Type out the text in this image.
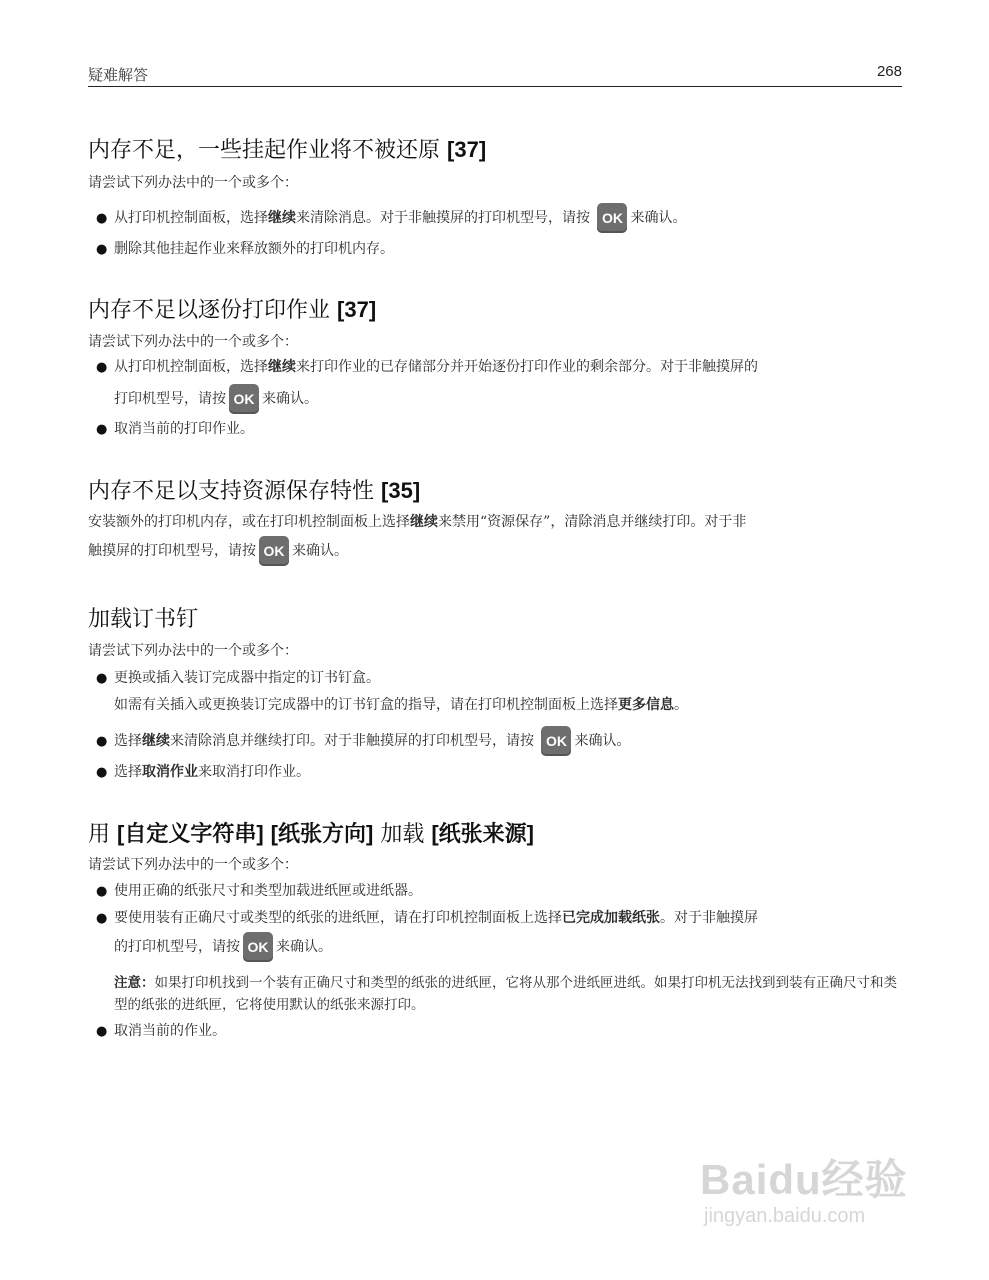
疑难解答	268
内存不足，一些挂起作业将不被还原 [37]
请尝试下列办法中的一个或多个：
● 从打印机控制面板，选择继续来清除消息。对于非触摸屏的打印机型号，请按 OK 来确认。
● 删除其他挂起作业来释放额外的打印机内存。
内存不足以逐份打印作业 [37]
请尝试下列办法中的一个或多个：
● 从打印机控制面板，选择继续来打印作业的已存储部分并开始逐份打印作业的剩余部分。对于非触摸屏的
打印机型号，请按 OK 来确认。
● 取消当前的打印作业。
内存不足以支持资源保存特性 [35]
安装额外的打印机内存，或在打印机控制面板上选择继续来禁用“资源保存”，清除消息并继续打印。对于非
触摸屏的打印机型号，请按 OK 来确认。
加载订书钉
请尝试下列办法中的一个或多个：
● 更换或插入装订完成器中指定的订书钉盒。
如需有关插入或更换装订完成器中的订书钉盒的指导，请在打印机控制面板上选择更多信息。
● 选择继续来清除消息并继续打印。对于非触摸屏的打印机型号，请按 OK 来确认。
● 选择取消作业来取消打印作业。
用 [自定义字符串] [纸张方向] 加载 [纸张来源]
请尝试下列办法中的一个或多个：
● 使用正确的纸张尺寸和类型加载进纸匣或进纸器。
● 要使用装有正确尺寸或类型的纸张的进纸匣，请在打印机控制面板上选择已完成加载纸张。对于非触摸屏
的打印机型号，请按 OK 来确认。
注意：如果打印机找到一个装有正确尺寸和类型的纸张的进纸匣，它将从那个进纸匣进纸。如果打印机无法找到到装有正确尺寸和类型的纸张的进纸匣，它将使用默认的纸张来源打印。
● 取消当前的作业。
Baidu经验
jingyan.baidu.com
